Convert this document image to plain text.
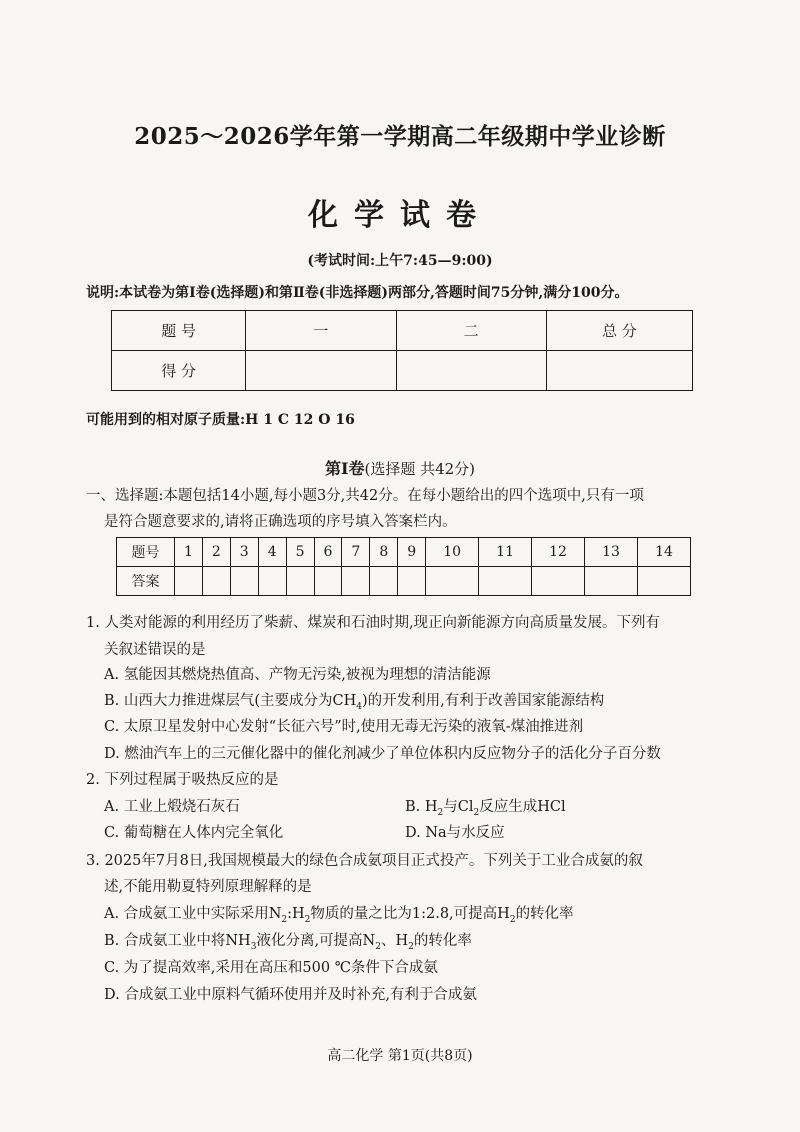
2025～2026学年第一学期高二年级期中学业诊断
化学试卷
(考试时间:上午7:45—9:00)
说明:本试卷为第Ⅰ卷(选择题)和第Ⅱ卷(非选择题)两部分,答题时间75分钟,满分100分。
题 号	一	二	总 分
得 分			
可能用到的相对原子质量:H 1 C 12 O 16
第Ⅰ卷(选择题 共42分)
一、选择题:本题包括14小题,每小题3分,共42分。在每小题给出的四个选项中,只有一项
是符合题意要求的,请将正确选项的序号填入答案栏内。
题号	1	2	3	4	5	6	7	8	9	10	11	12	13	14
答案														
1. 人类对能源的利用经历了柴薪、煤炭和石油时期,现正向新能源方向高质量发展。下列有
关叙述错误的是
A. 氢能因其燃烧热值高、产物无污染,被视为理想的清洁能源
B. 山西大力推进煤层气(主要成分为$CH_4$)的开发利用,有利于改善国家能源结构
C. 太原卫星发射中心发射“长征六号”时,使用无毒无污染的液氧-煤油推进剂
D. 燃油汽车上的三元催化器中的催化剂减少了单位体积内反应物分子的活化分子百分数
2. 下列过程属于吸热反应的是
A. 工业上煅烧石灰石	B. $H_2$与$Cl_2$反应生成HCl
C. 葡萄糖在人体内完全氧化	D. Na与水反应
3. 2025年7月8日,我国规模最大的绿色合成氨项目正式投产。下列关于工业合成氨的叙
述,不能用勒夏特列原理解释的是
A. 合成氨工业中实际采用$N_2:H_2$物质的量之比为1:2.8,可提高$H_2$的转化率
B. 合成氨工业中将$NH_3$液化分离,可提高$N_2$、$H_2$的转化率
C. 为了提高效率,采用在高压和500 ℃条件下合成氨
D. 合成氨工业中原料气循环使用并及时补充,有利于合成氨
高二化学 第1页(共8页)
